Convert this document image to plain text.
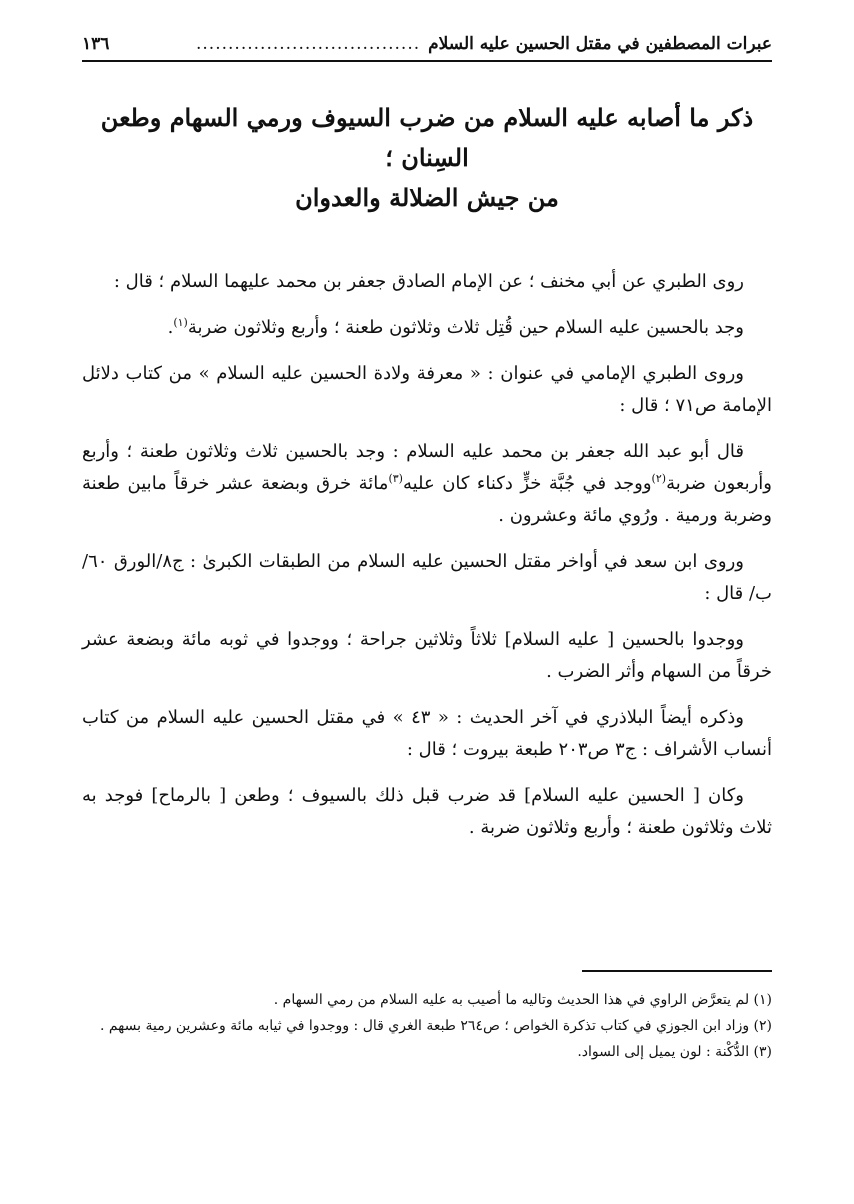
عبرات المصطفين في مقتل الحسين عليه السلام
...................................
١٣٦
ذكر ما أصابه عليه السلام من ضرب السيوف ورمي السهام وطعن السِنان ؛
من جيش الضلالة والعدوان

روى الطبري عن أبي مخنف ؛ عن الإمام الصادق جعفر بن محمد عليهما السلام ؛ قال :

وجد بالحسين عليه السلام حين قُتِل ثلاث وثلاثون طعنة ؛ وأربع وثلاثون ضربة$^{(١)}$.

وروى الطبري الإمامي في عنوان : « معرفة ولادة الحسين عليه السلام » من كتاب دلائل الإمامة ص٧١ ؛ قال :

قال أبو عبد الله جعفر بن محمد عليه السلام : وجد بالحسين ثلاث وثلاثون طعنة ؛ وأربع وأربعون ضربة$^{(٢)}$ووجد في جُبَّة خزٍّ دكناء كان عليه$^{(٣)}$مائة خرق وبضعة عشر خرقاً مابين طعنة وضربة ورمية . ورُوي مائة وعشرون .

وروى ابن سعد في أواخر مقتل الحسين عليه السلام من الطبقات الكبرىٰ : ج٨/الورق ٦٠/ب/ قال :

ووجدوا بالحسين [ عليه السلام] ثلاثاً وثلاثين جراحة ؛ ووجدوا في ثوبه مائة وبضعة عشر خرقاً من السهام وأثر الضرب .

وذكره أيضاً البلاذري في آخر الحديث : « ٤٣ » في مقتل الحسين عليه السلام من كتاب أنساب الأشراف : ج٣ ص٢٠٣ طبعة بيروت ؛ قال :

وكان [ الحسين عليه السلام] قد ضرب قبل ذلك بالسيوف ؛ وطعن [ بالرماح] فوجد به ثلاث وثلاثون طعنة ؛ وأربع وثلاثون ضربة .

(١) لم يتعرَّض الراوي في هذا الحديث وتاليه ما أصيب به عليه السلام من رمي السهام .

(٢) وزاد ابن الجوزي في كتاب تذكرة الخواص ؛ ص٢٦٤ طبعة الغري قال : ووجدوا في ثيابه مائة وعشرين رمية بسهم .

(٣) الدُّكْنة : لون يميل إلى السواد.
